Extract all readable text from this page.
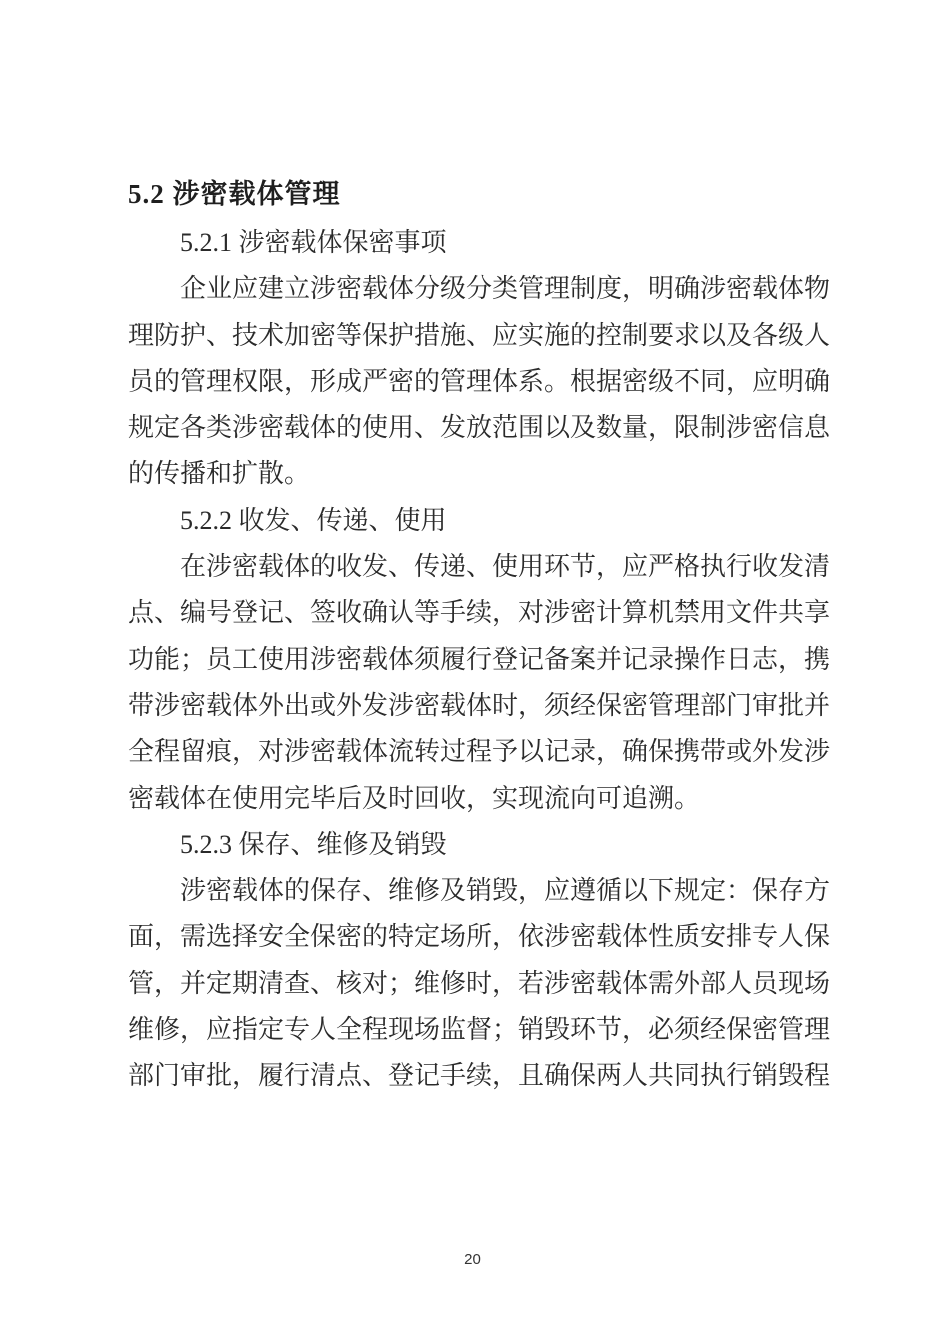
5.2 涉密载体管理
5.2.1 涉密载体保密事项

企业应建立涉密载体分级分类管理制度，明确涉密载体物理防护、技术加密等保护措施、应实施的控制要求以及各级人员的管理权限，形成严密的管理体系。根据密级不同，应明确规定各类涉密载体的使用、发放范围以及数量，限制涉密信息的传播和扩散。

5.2.2 收发、传递、使用

在涉密载体的收发、传递、使用环节，应严格执行收发清点、编号登记、签收确认等手续，对涉密计算机禁用文件共享功能；员工使用涉密载体须履行登记备案并记录操作日志，携带涉密载体外出或外发涉密载体时，须经保密管理部门审批并全程留痕，对涉密载体流转过程予以记录，确保携带或外发涉密载体在使用完毕后及时回收，实现流向可追溯。

5.2.3 保存、维修及销毁

涉密载体的保存、维修及销毁，应遵循以下规定：保存方面，需选择安全保密的特定场所，依涉密载体性质安排专人保管，并定期清查、核对；维修时，若涉密载体需外部人员现场维修，应指定专人全程现场监督；销毁环节，必须经保密管理部门审批，履行清点、登记手续，且确保两人共同执行销毁程

20
